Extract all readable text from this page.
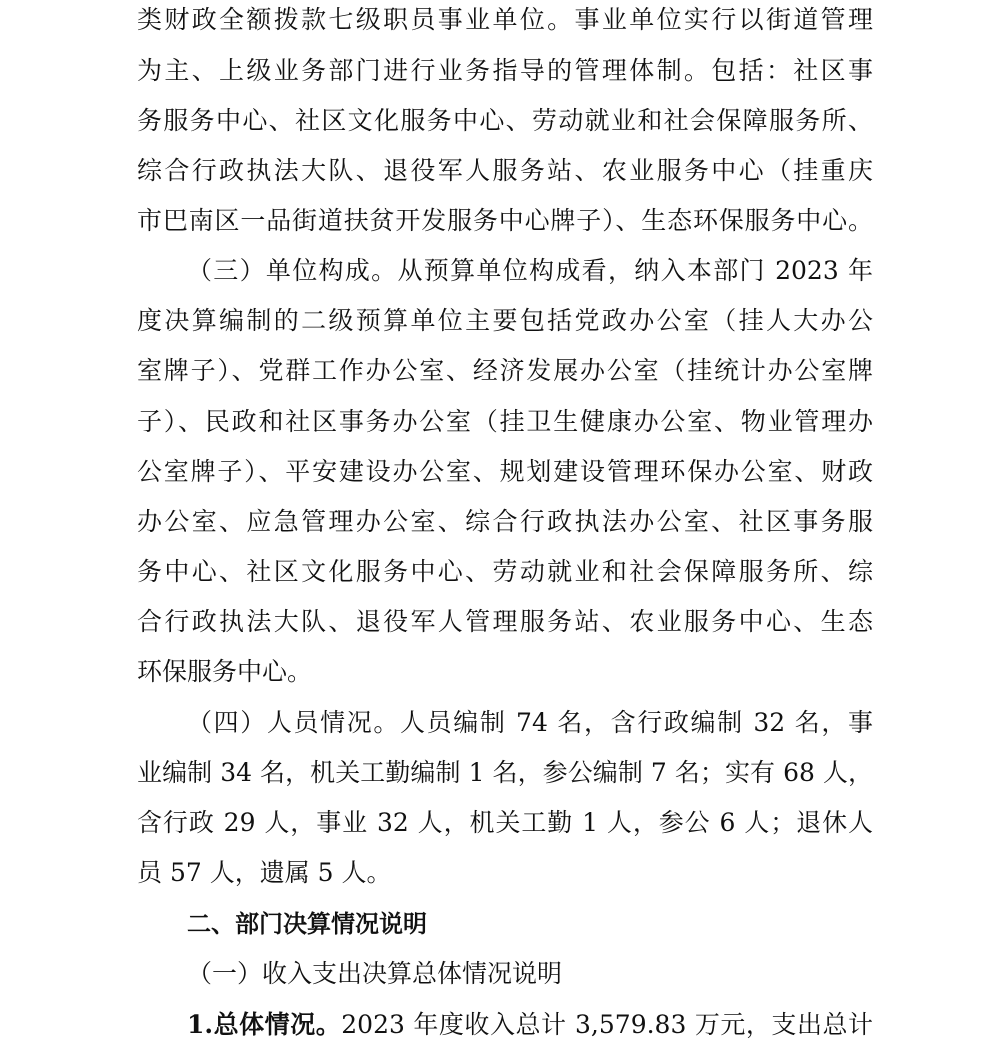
类财政全额拨款七级职员事业单位。事业单位实行以街道管理

为主、上级业务部门进行业务指导的管理体制。包括：社区事

务服务中心、社区文化服务中心、劳动就业和社会保障服务所、

综合行政执法大队、退役军人服务站、农业服务中心（挂重庆

市巴南区一品街道扶贫开发服务中心牌子）、生态环保服务中心。

（三）单位构成。从预算单位构成看，纳入本部门 2023 年

度决算编制的二级预算单位主要包括党政办公室（挂人大办公

室牌子）、党群工作办公室、经济发展办公室（挂统计办公室牌

子）、民政和社区事务办公室（挂卫生健康办公室、物业管理办

公室牌子）、平安建设办公室、规划建设管理环保办公室、财政

办公室、应急管理办公室、综合行政执法办公室、社区事务服

务中心、社区文化服务中心、劳动就业和社会保障服务所、综

合行政执法大队、退役军人管理服务站、农业服务中心、生态

环保服务中心。

（四）人员情况。人员编制 74 名，含行政编制 32 名，事

业编制 34 名，机关工勤编制 1 名，参公编制 7 名；实有 68 人，

含行政 29 人，事业 32 人，机关工勤 1 人，参公 6 人；退休人

员 57 人，遗属 5 人。

二、部门决算情况说明

（一）收入支出决算总体情况说明

1.总体情况。2023 年度收入总计 3,579.83 万元，支出总计
